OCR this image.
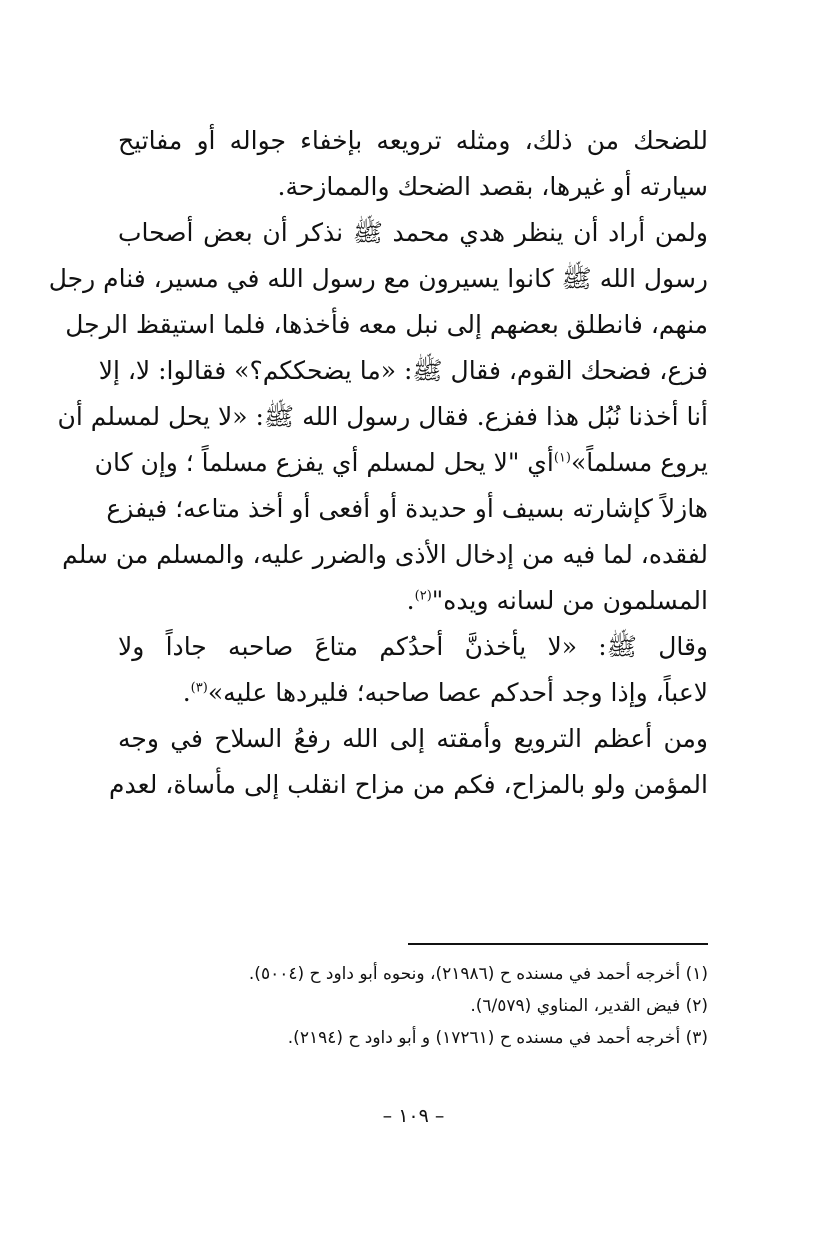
للضحك من ذلك، ومثله ترويعه بإخفاء جواله أو مفاتيح
سيارته أو غيرها، بقصد الضحك والممازحة.
ولمن أراد أن ينظر هدي محمد ﷺ نذكر أن بعض أصحاب
رسول الله ﷺ كانوا يسيرون مع رسول الله في مسير، فنام رجل
منهم، فانطلق بعضهم إلى نبل معه فأخذها، فلما استيقظ الرجل
فزع، فضحك القوم، فقال ﷺ: «ما يضحككم؟» فقالوا: لا، إلا
أنا أخذنا نُبُل هذا ففزع. فقال رسول الله ﷺ: «لا يحل لمسلم أن
يروع مسلماً»$^{(١)}$أي "لا يحل لمسلم أي يفزع مسلماً ؛ وإن كان
هازلاً كإشارته بسيف أو حديدة أو أفعى أو أخذ متاعه؛ فيفزع
لفقده، لما فيه من إدخال الأذى والضرر عليه، والمسلم من سلم
المسلمون من لسانه ويده"$^{(٢)}$.
وقال ﷺ: «لا يأخذنَّ أحدُكم متاعَ صاحبه جاداً ولا
لاعباً، وإذا وجد أحدكم عصا صاحبه؛ فليردها عليه»$^{(٣)}$.
ومن أعظم الترويع وأمقته إلى الله رفعُ السلاح في وجه
المؤمن ولو بالمزاح، فكم من مزاح انقلب إلى مأساة، لعدم
(١) أخرجه أحمد في مسنده ح (٢١٩٨٦)، ونحوه أبو داود ح (٥٠٠٤).
(٢) فيض القدير، المناوي (٦/٥٧٩).
(٣) أخرجه أحمد في مسنده ح (١٧٢٦١) و أبو داود ح (٢١٩٤).
– ١٠٩ –
